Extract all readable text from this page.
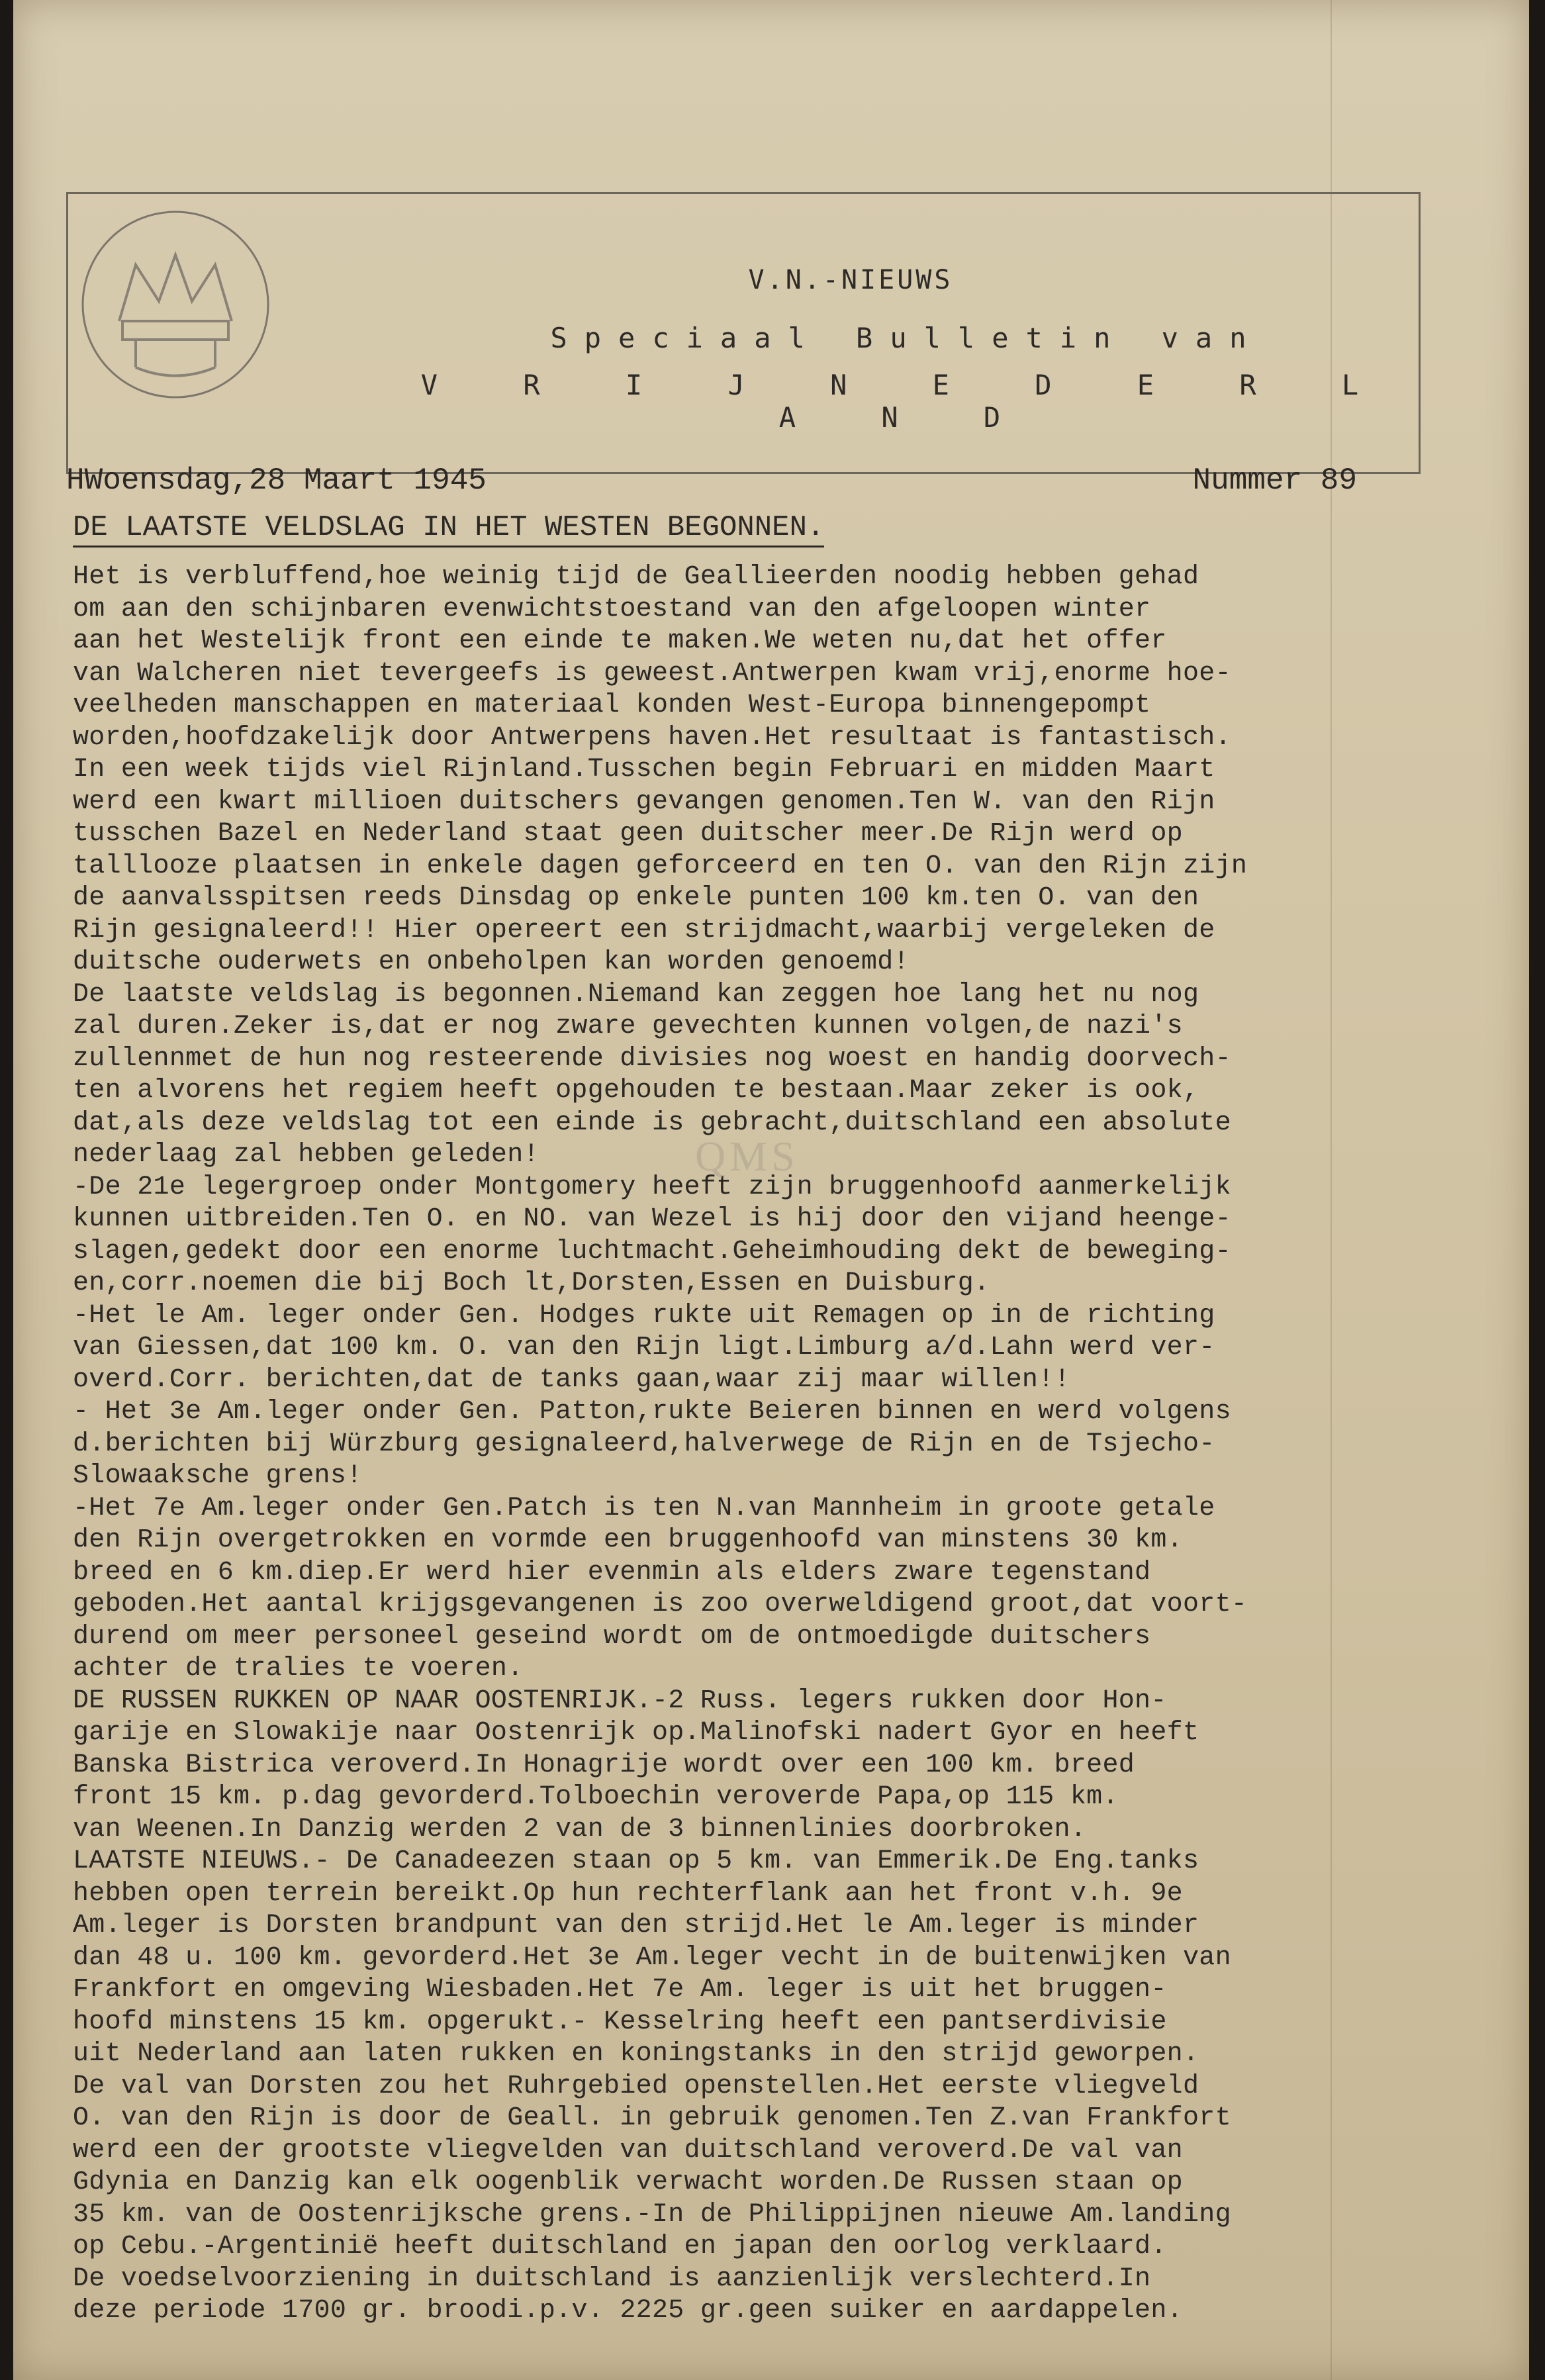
V.N.-NIEUWS
Speciaal Bulletin van
V R I J N E D E R L A N D
HWoensdag,28 Maart 1945	Nummer 89
DE LAATSTE VELDSLAG IN HET WESTEN BEGONNEN.
QMS
Het is verbluffend,hoe weinig tijd de Geallieerden noodig hebben gehad
om aan den schijnbaren evenwichtstoestand van den afgeloopen winter
aan het Westelijk front een einde te maken.We weten nu,dat het offer
van Walcheren niet tevergeefs is geweest.Antwerpen kwam vrij,enorme hoe-
veelheden manschappen en materiaal konden West-Europa binnengepompt
worden,hoofdzakelijk door Antwerpens haven.Het resultaat is fantastisch.
In een week tijds viel Rijnland.Tusschen begin Februari en midden Maart
werd een kwart millioen duitschers gevangen genomen.Ten W. van den Rijn
tusschen Bazel en Nederland staat geen duitscher meer.De Rijn werd op
talllooze plaatsen in enkele dagen geforceerd en ten O. van den Rijn zijn
de aanvalsspitsen reeds Dinsdag op enkele punten 100 km.ten O. van den
Rijn gesignaleerd!! Hier opereert een strijdmacht,waarbij vergeleken de
duitsche ouderwets en onbeholpen kan worden genoemd!
De laatste veldslag is begonnen.Niemand kan zeggen hoe lang het nu nog
zal duren.Zeker is,dat er nog zware gevechten kunnen volgen,de nazi's
zullennmet de hun nog resteerende divisies nog woest en handig doorvech-
ten alvorens het regiem heeft opgehouden te bestaan.Maar zeker is ook,
dat,als deze veldslag tot een einde is gebracht,duitschland een absolute
nederlaag zal hebben geleden!
-De 21e legergroep onder Montgomery heeft zijn bruggenhoofd aanmerkelijk
kunnen uitbreiden.Ten O. en NO. van Wezel is hij door den vijand heenge-
slagen,gedekt door een enorme luchtmacht.Geheimhouding dekt de beweging-
en,corr.noemen die bij Boch lt,Dorsten,Essen en Duisburg.
-Het le Am. leger onder Gen. Hodges rukte uit Remagen op in de richting
van Giessen,dat 100 km. O. van den Rijn ligt.Limburg a/d.Lahn werd ver-
overd.Corr. berichten,dat de tanks gaan,waar zij maar willen!!
- Het 3e Am.leger onder Gen. Patton,rukte Beieren binnen en werd volgens
d.berichten bij Würzburg gesignaleerd,halverwege de Rijn en de Tsjecho-
Slowaaksche grens!
-Het 7e Am.leger onder Gen.Patch is ten N.van Mannheim in groote getale
den Rijn overgetrokken en vormde een bruggenhoofd van minstens 30 km.
breed en 6 km.diep.Er werd hier evenmin als elders zware tegenstand
geboden.Het aantal krijgsgevangenen is zoo overweldigend groot,dat voort-
durend om meer personeel geseind wordt om de ontmoedigde duitschers
achter de tralies te voeren.
DE RUSSEN RUKKEN OP NAAR OOSTENRIJK.-2 Russ. legers rukken door Hon-
garije en Slowakije naar Oostenrijk op.Malinofski nadert Gyor en heeft
Banska Bistrica veroverd.In Honagrije wordt over een 100 km. breed
front 15 km. p.dag gevorderd.Tolboechin veroverde Papa,op 115 km.
van Weenen.In Danzig werden 2 van de 3 binnenlinies doorbroken.
LAATSTE NIEUWS.- De Canadeezen staan op 5 km. van Emmerik.De Eng.tanks
hebben open terrein bereikt.Op hun rechterflank aan het front v.h. 9e
Am.leger is Dorsten brandpunt van den strijd.Het le Am.leger is minder
dan 48 u. 100 km. gevorderd.Het 3e Am.leger vecht in de buitenwijken van
Frankfort en omgeving Wiesbaden.Het 7e Am. leger is uit het bruggen-
hoofd minstens 15 km. opgerukt.- Kesselring heeft een pantserdivisie
uit Nederland aan laten rukken en koningstanks in den strijd geworpen.
De val van Dorsten zou het Ruhrgebied openstellen.Het eerste vliegveld
O. van den Rijn is door de Geall. in gebruik genomen.Ten Z.van Frankfort
werd een der grootste vliegvelden van duitschland veroverd.De val van
Gdynia en Danzig kan elk oogenblik verwacht worden.De Russen staan op
35 km. van de Oostenrijksche grens.-In de Philippijnen nieuwe Am.landing
op Cebu.-Argentinië heeft duitschland en japan den oorlog verklaard.
De voedselvoorziening in duitschland is aanzienlijk verslechterd.In
deze periode 1700 gr. broodi.p.v. 2225 gr.geen suiker en aardappelen.
